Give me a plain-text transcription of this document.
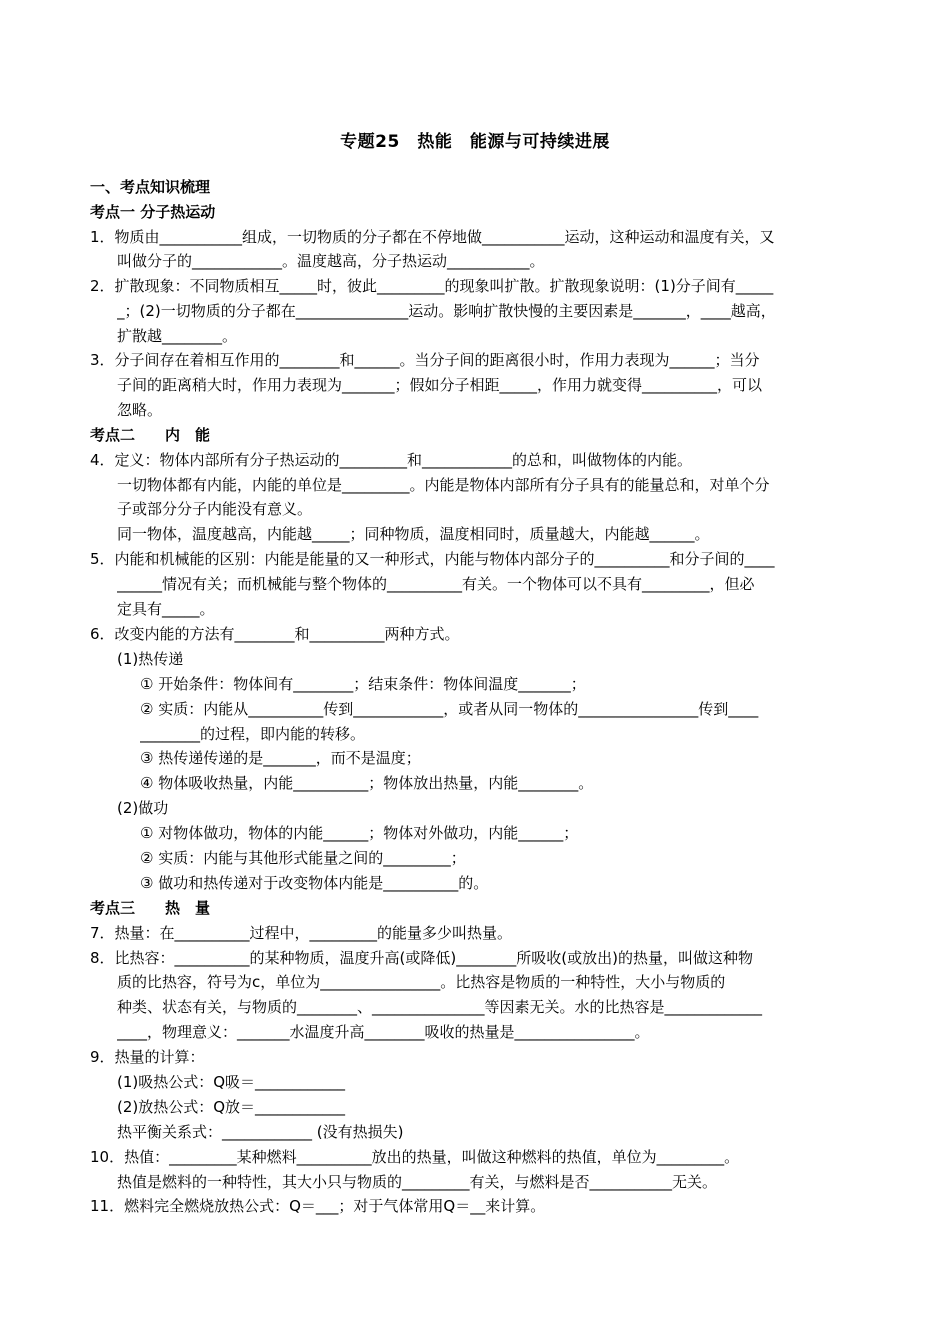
专题25　热能　能源与可持续进展
一、考点知识梳理
考点一 分子热运动
1．物质由___________组成，一切物质的分子都在不停地做___________运动，这种运动和温度有关，又
叫做分子的____________。温度越高，分子热运动___________。
2．扩散现象：不同物质相互_____时，彼此_________的现象叫扩散。扩散现象说明：(1)分子间有_____
_；(2)一切物质的分子都在_______________运动。影响扩散快慢的主要因素是_______，____越高，
扩散越________。
3．分子间存在着相互作用的________和______。当分子间的距离很小时，作用力表现为______；当分
子间的距离稍大时，作用力表现为_______；假如分子相距_____，作用力就变得__________，可以
忽略。
考点二　　内　能
4．定义：物体内部所有分子热运动的_________和____________的总和，叫做物体的内能。
一切物体都有内能，内能的单位是_________。内能是物体内部所有分子具有的能量总和，对单个分
子或部分分子内能没有意义。
同一物体，温度越高，内能越_____；同种物质，温度相同时，质量越大，内能越______。
5．内能和机械能的区别：内能是能量的又一种形式，内能与物体内部分子的__________和分子间的____
______情况有关；而机械能与整个物体的__________有关。一个物体可以不具有_________，但必
定具有_____。
6．改变内能的方法有________和__________两种方式。
(1)热传递
① 开始条件：物体间有________；结束条件：物体间温度_______；
② 实质：内能从__________传到____________，或者从同一物体的________________传到____
________的过程，即内能的转移。
③ 热传递传递的是_______，而不是温度；
④ 物体吸收热量，内能__________；物体放出热量，内能________。
(2)做功
① 对物体做功，物体的内能______；物体对外做功，内能______；
② 实质：内能与其他形式能量之间的_________；
③ 做功和热传递对于改变物体内能是__________的。
考点三　　热　量
7．热量：在__________过程中，_________的能量多少叫热量。
8．比热容：__________的某种物质，温度升高(或降低)________所吸收(或放出)的热量，叫做这种物
质的比热容，符号为c，单位为________________。比热容是物质的一种特性，大小与物质的
种类、状态有关，与物质的________、_______________等因素无关。水的比热容是_____________
____，物理意义：_______水温度升高________吸收的热量是________________。
9．热量的计算：
(1)吸热公式：Q吸＝____________
(2)放热公式：Q放＝____________
热平衡关系式：____________ (没有热损失)
10．热值：_________某种燃料__________放出的热量，叫做这种燃料的热值，单位为_________。
热值是燃料的一种特性，其大小只与物质的_________有关，与燃料是否___________无关。
11．燃料完全燃烧放热公式：Q＝___；对于气体常用Q＝__来计算。
